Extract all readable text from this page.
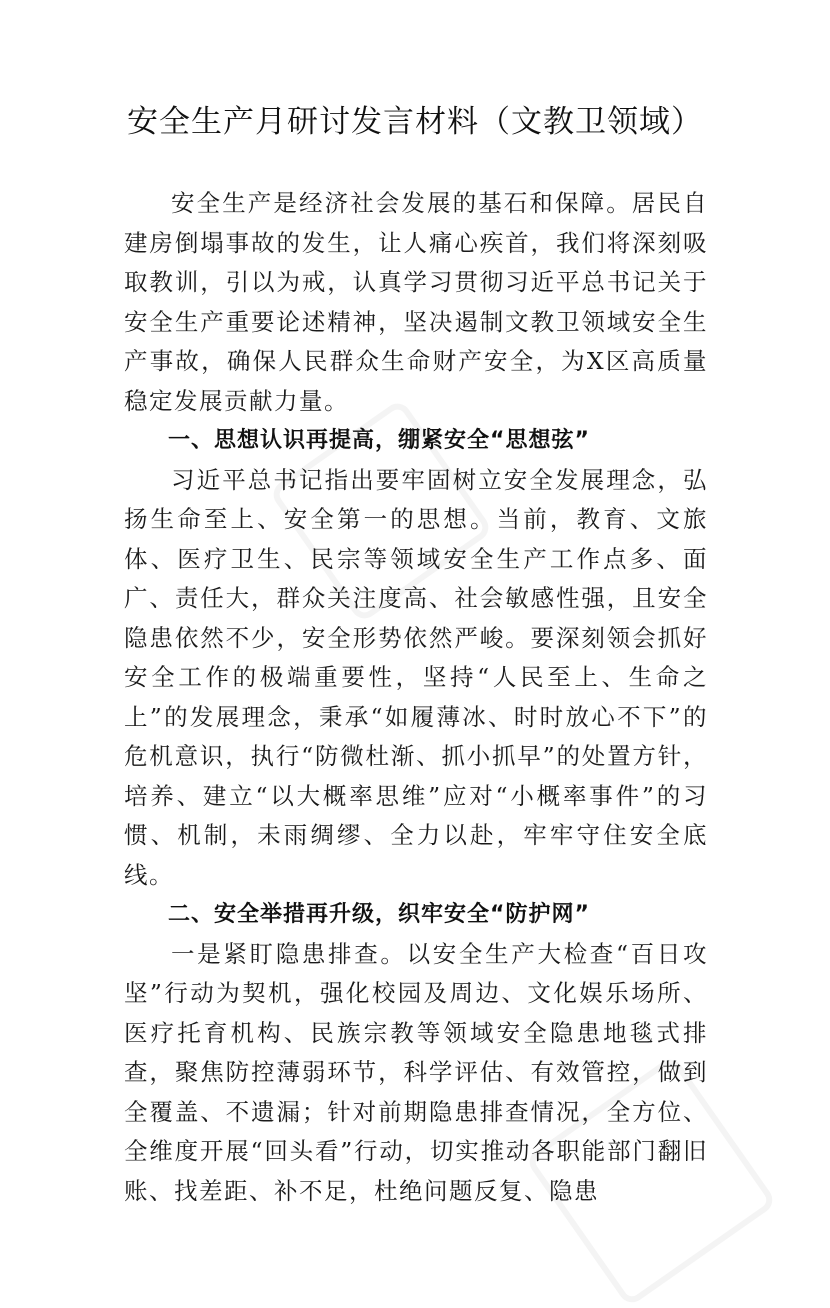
安全生产月研讨发言材料（文教卫领域）

安全生产是经济社会发展的基石和保障。居民自建房倒塌事故的发生，让人痛心疾首，我们将深刻吸取教训，引以为戒，认真学习贯彻习近平总书记关于安全生产重要论述精神，坚决遏制文教卫领域安全生产事故，确保人民群众生命财产安全，为X区高质量稳定发展贡献力量。

一、思想认识再提高，绷紧安全“思想弦”

习近平总书记指出要牢固树立安全发展理念，弘扬生命至上、安全第一的思想。当前，教育、文旅体、医疗卫生、民宗等领域安全生产工作点多、面广、责任大，群众关注度高、社会敏感性强，且安全隐患依然不少，安全形势依然严峻。要深刻领会抓好安全工作的极端重要性，坚持“人民至上、生命之上”的发展理念，秉承“如履薄冰、时时放心不下”的危机意识，执行“防微杜渐、抓小抓早”的处置方针，培养、建立“以大概率思维”应对“小概率事件”的习惯、机制，未雨绸缪、全力以赴，牢牢守住安全底线。

二、安全举措再升级，织牢安全“防护网”

一是紧盯隐患排查。以安全生产大检查“百日攻坚”行动为契机，强化校园及周边、文化娱乐场所、医疗托育机构、民族宗教等领域安全隐患地毯式排查，聚焦防控薄弱环节，科学评估、有效管控，做到全覆盖、不遗漏；针对前期隐患排查情况，全方位、全维度开展“回头看”行动，切实推动各职能部门翻旧账、找差距、补不足，杜绝问题反复、隐患
